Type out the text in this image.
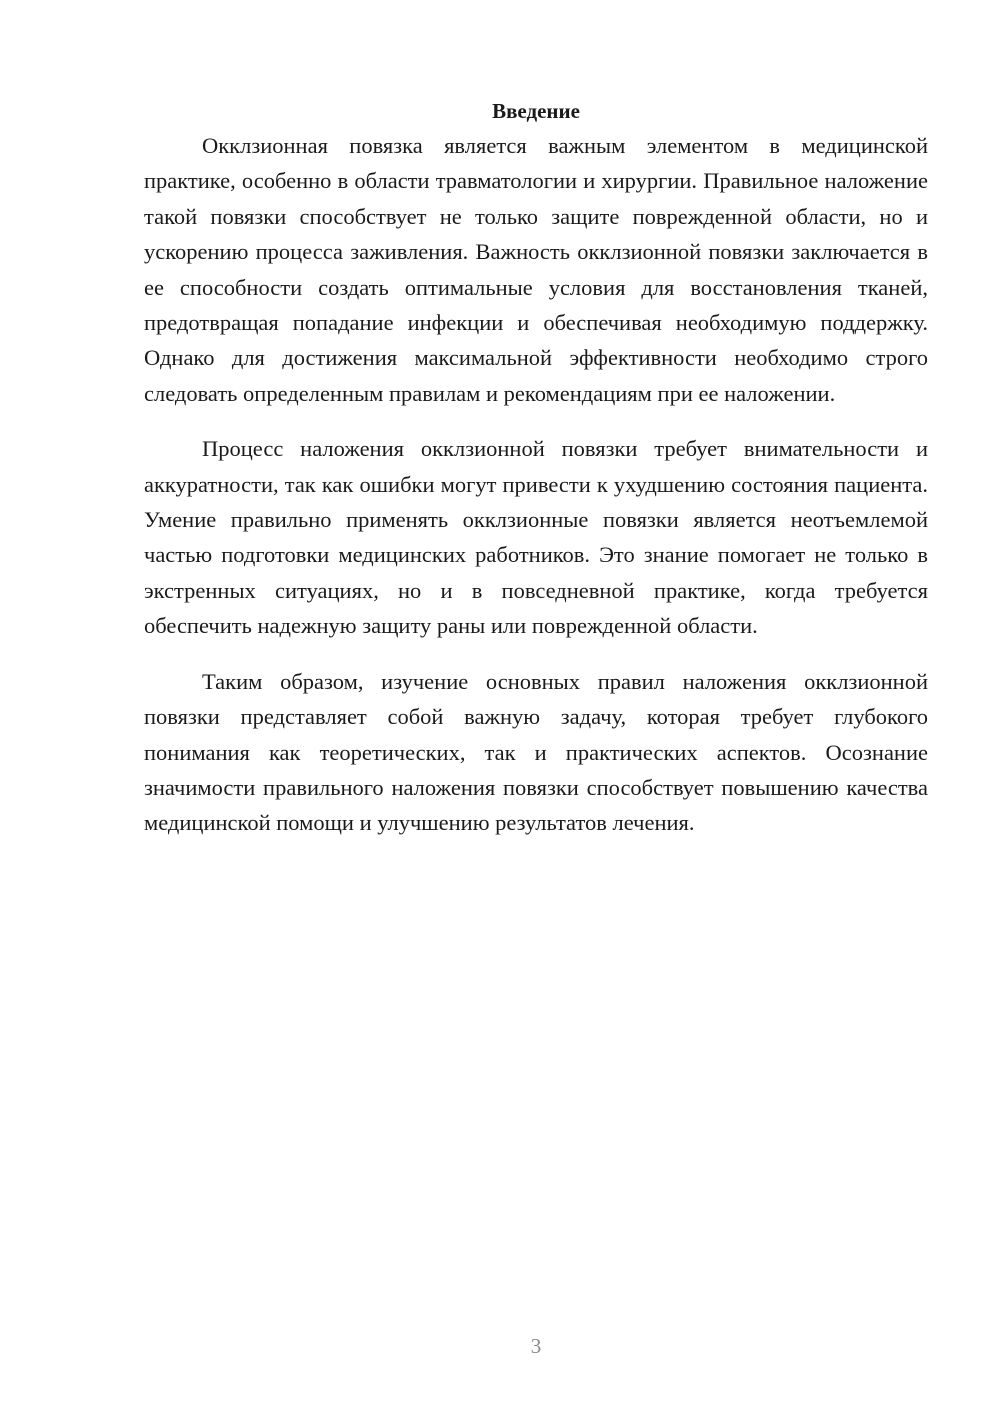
Введение

Окклзионная повязка является важным элементом в медицинской практике, особенно в области травматологии и хирургии. Правильное наложение такой повязки способствует не только защите поврежденной области, но и ускорению процесса заживления. Важность окклзионной повязки заключается в ее способности создать оптимальные условия для восстановления тканей, предотвращая попадание инфекции и обеспечивая необходимую поддержку. Однако для достижения максимальной эффективности необходимо строго следовать определенным правилам и рекомендациям при ее наложении.

Процесс наложения окклзионной повязки требует внимательности и аккуратности, так как ошибки могут привести к ухудшению состояния пациента. Умение правильно применять окклзионные повязки является неотъемлемой частью подготовки медицинских работников. Это знание помогает не только в экстренных ситуациях, но и в повседневной практике, когда требуется обеспечить надежную защиту раны или поврежденной области.

Таким образом, изучение основных правил наложения окклзионной повязки представляет собой важную задачу, которая требует глубокого понимания как теоретических, так и практических аспектов. Осознание значимости правильного наложения повязки способствует повышению качества медицинской помощи и улучшению результатов лечения.

3
